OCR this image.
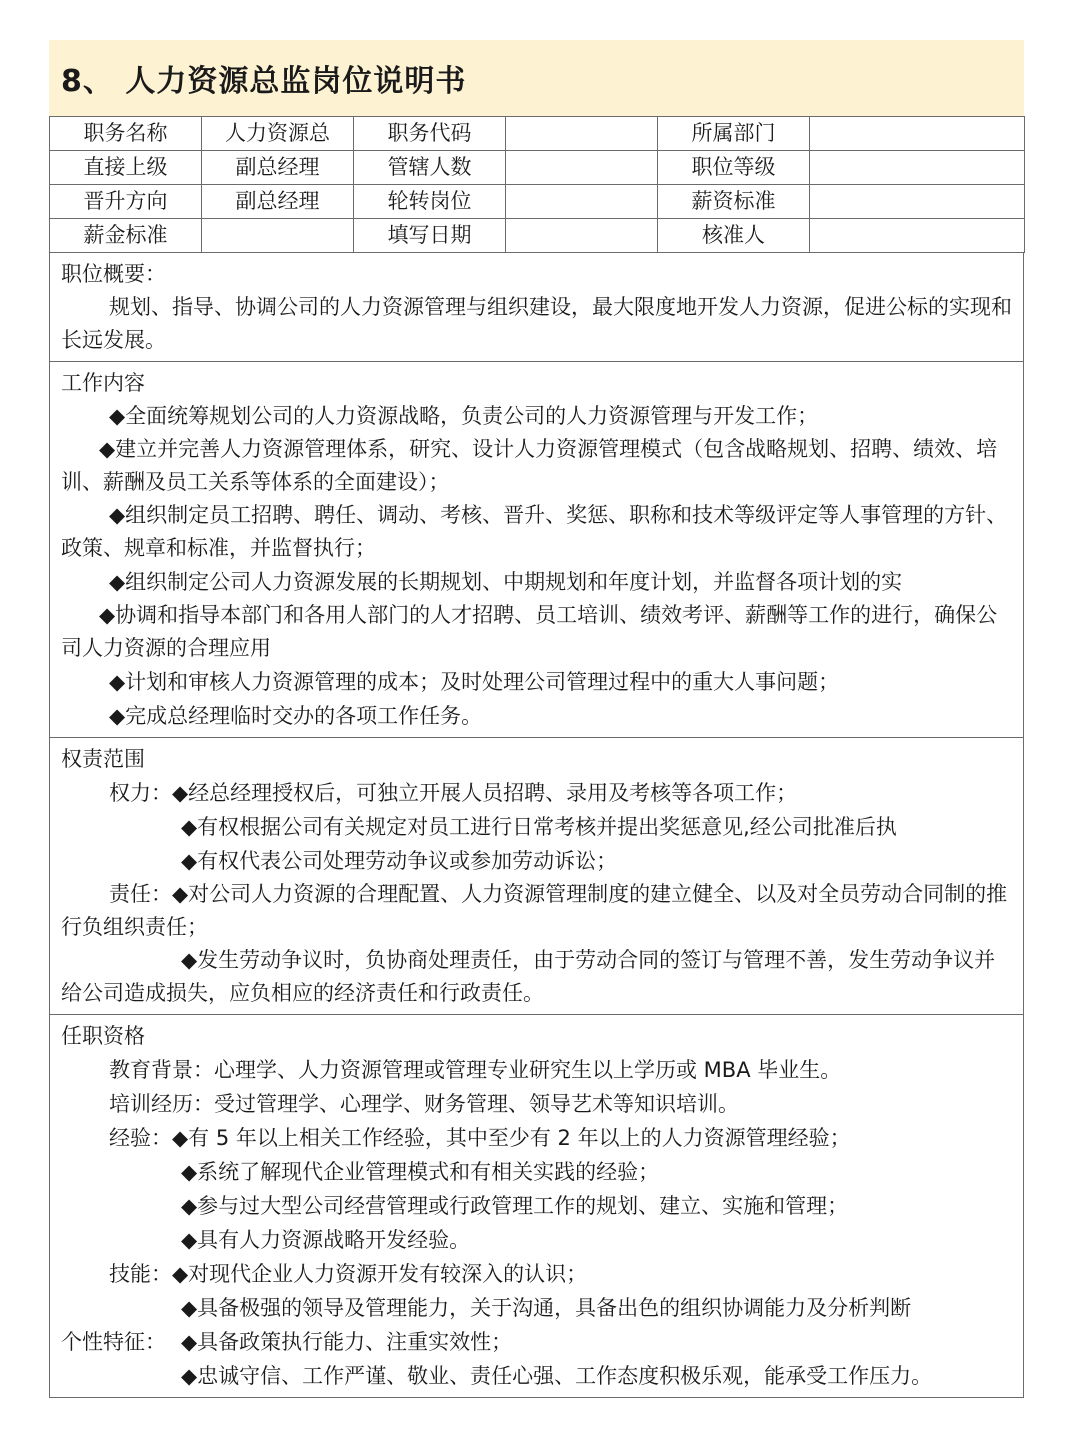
8、 人力资源总监岗位说明书
职务名称	人力资源总	职务代码		所属部门	
直接上级	副总经理	管辖人数		职位等级	
晋升方向	副总经理	轮转岗位		薪资标准	
薪金标准		填写日期		核准人	
职位概要：
规划、指导、协调公司的人力资源管理与组织建设，最大限度地开发人力资源，促进公标的实现和长远发展。
工作内容
◆全面统筹规划公司的人力资源战略，负责公司的人力资源管理与开发工作；
◆建立并完善人力资源管理体系，研究、设计人力资源管理模式（包含战略规划、招聘、绩效、培训、薪酬及员工关系等体系的全面建设）；
◆组织制定员工招聘、聘任、调动、考核、晋升、奖惩、职称和技术等级评定等人事管理的方针、政策、规章和标准，并监督执行；
◆组织制定公司人力资源发展的长期规划、中期规划和年度计划，并监督各项计划的实
◆协调和指导本部门和各用人部门的人才招聘、员工培训、绩效考评、薪酬等工作的进行，确保公司人力资源的合理应用
◆计划和审核人力资源管理的成本；及时处理公司管理过程中的重大人事问题；
◆完成总经理临时交办的各项工作任务。
权责范围
权力：◆经总经理授权后，可独立开展人员招聘、录用及考核等各项工作；
◆有权根据公司有关规定对员工进行日常考核并提出奖惩意见,经公司批准后执
◆有权代表公司处理劳动争议或参加劳动诉讼；
责任：◆对公司人力资源的合理配置、人力资源管理制度的建立健全、以及对全员劳动合同制的推行负组织责任；
◆发生劳动争议时，负协商处理责任，由于劳动合同的签订与管理不善，发生劳动争议并给公司造成损失，应负相应的经济责任和行政责任。
任职资格
教育背景：心理学、人力资源管理或管理专业研究生以上学历或 MBA 毕业生。
培训经历：受过管理学、心理学、财务管理、领导艺术等知识培训。
经验：◆有 5 年以上相关工作经验，其中至少有 2 年以上的人力资源管理经验；
◆系统了解现代企业管理模式和有相关实践的经验；
◆参与过大型公司经营管理或行政管理工作的规划、建立、实施和管理；
◆具有人力资源战略开发经验。
技能：◆对现代企业人力资源开发有较深入的认识；
◆具备极强的领导及管理能力，关于沟通，具备出色的组织协调能力及分析判断
个性特征： ◆具备政策执行能力、注重实效性；
◆忠诚守信、工作严谨、敬业、责任心强、工作态度积极乐观，能承受工作压力。
